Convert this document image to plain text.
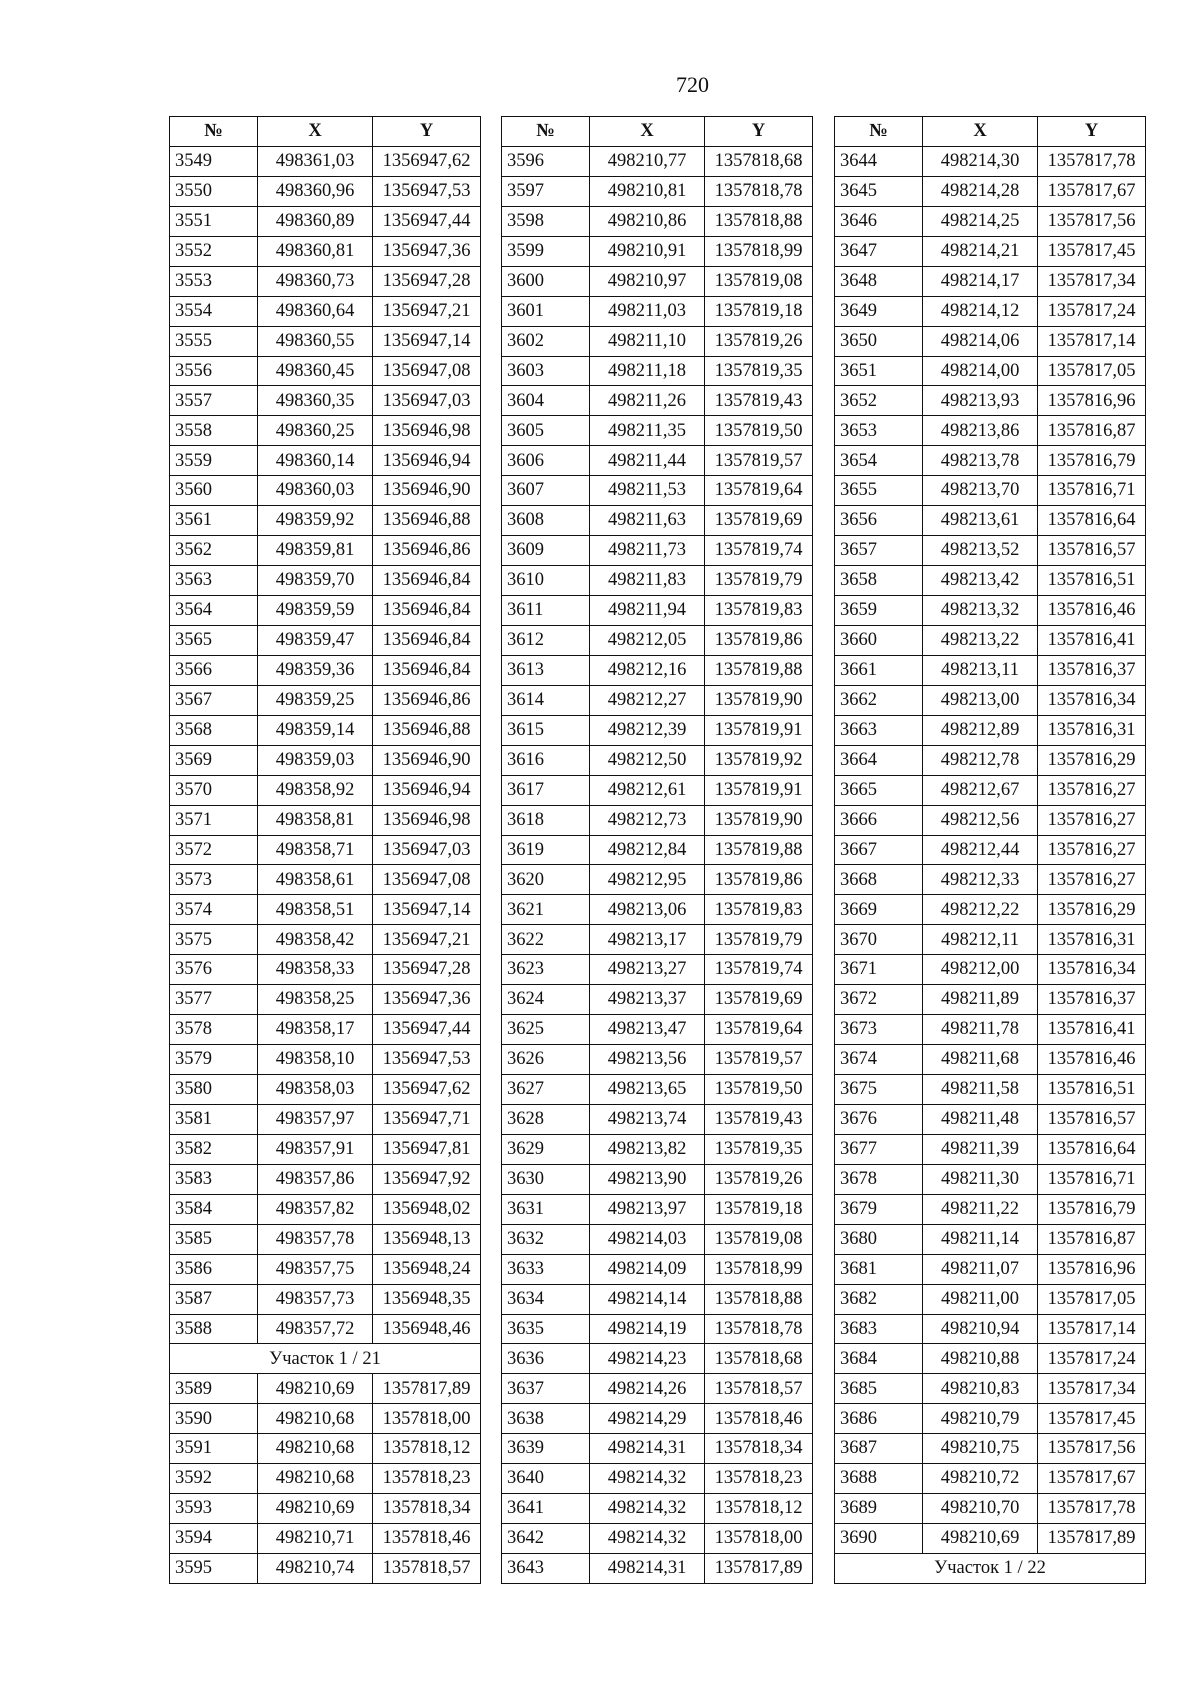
720
№	X	Y
3549	498361,03	1356947,62
3550	498360,96	1356947,53
3551	498360,89	1356947,44
3552	498360,81	1356947,36
3553	498360,73	1356947,28
3554	498360,64	1356947,21
3555	498360,55	1356947,14
3556	498360,45	1356947,08
3557	498360,35	1356947,03
3558	498360,25	1356946,98
3559	498360,14	1356946,94
3560	498360,03	1356946,90
3561	498359,92	1356946,88
3562	498359,81	1356946,86
3563	498359,70	1356946,84
3564	498359,59	1356946,84
3565	498359,47	1356946,84
3566	498359,36	1356946,84
3567	498359,25	1356946,86
3568	498359,14	1356946,88
3569	498359,03	1356946,90
3570	498358,92	1356946,94
3571	498358,81	1356946,98
3572	498358,71	1356947,03
3573	498358,61	1356947,08
3574	498358,51	1356947,14
3575	498358,42	1356947,21
3576	498358,33	1356947,28
3577	498358,25	1356947,36
3578	498358,17	1356947,44
3579	498358,10	1356947,53
3580	498358,03	1356947,62
3581	498357,97	1356947,71
3582	498357,91	1356947,81
3583	498357,86	1356947,92
3584	498357,82	1356948,02
3585	498357,78	1356948,13
3586	498357,75	1356948,24
3587	498357,73	1356948,35
3588	498357,72	1356948,46
Участок 1 / 21		
3589	498210,69	1357817,89
3590	498210,68	1357818,00
3591	498210,68	1357818,12
3592	498210,68	1357818,23
3593	498210,69	1357818,34
3594	498210,71	1357818,46
3595	498210,74	1357818,57
№	X	Y
3596	498210,77	1357818,68
3597	498210,81	1357818,78
3598	498210,86	1357818,88
3599	498210,91	1357818,99
3600	498210,97	1357819,08
3601	498211,03	1357819,18
3602	498211,10	1357819,26
3603	498211,18	1357819,35
3604	498211,26	1357819,43
3605	498211,35	1357819,50
3606	498211,44	1357819,57
3607	498211,53	1357819,64
3608	498211,63	1357819,69
3609	498211,73	1357819,74
3610	498211,83	1357819,79
3611	498211,94	1357819,83
3612	498212,05	1357819,86
3613	498212,16	1357819,88
3614	498212,27	1357819,90
3615	498212,39	1357819,91
3616	498212,50	1357819,92
3617	498212,61	1357819,91
3618	498212,73	1357819,90
3619	498212,84	1357819,88
3620	498212,95	1357819,86
3621	498213,06	1357819,83
3622	498213,17	1357819,79
3623	498213,27	1357819,74
3624	498213,37	1357819,69
3625	498213,47	1357819,64
3626	498213,56	1357819,57
3627	498213,65	1357819,50
3628	498213,74	1357819,43
3629	498213,82	1357819,35
3630	498213,90	1357819,26
3631	498213,97	1357819,18
3632	498214,03	1357819,08
3633	498214,09	1357818,99
3634	498214,14	1357818,88
3635	498214,19	1357818,78
3636	498214,23	1357818,68
3637	498214,26	1357818,57
3638	498214,29	1357818,46
3639	498214,31	1357818,34
3640	498214,32	1357818,23
3641	498214,32	1357818,12
3642	498214,32	1357818,00
3643	498214,31	1357817,89
№	X	Y
3644	498214,30	1357817,78
3645	498214,28	1357817,67
3646	498214,25	1357817,56
3647	498214,21	1357817,45
3648	498214,17	1357817,34
3649	498214,12	1357817,24
3650	498214,06	1357817,14
3651	498214,00	1357817,05
3652	498213,93	1357816,96
3653	498213,86	1357816,87
3654	498213,78	1357816,79
3655	498213,70	1357816,71
3656	498213,61	1357816,64
3657	498213,52	1357816,57
3658	498213,42	1357816,51
3659	498213,32	1357816,46
3660	498213,22	1357816,41
3661	498213,11	1357816,37
3662	498213,00	1357816,34
3663	498212,89	1357816,31
3664	498212,78	1357816,29
3665	498212,67	1357816,27
3666	498212,56	1357816,27
3667	498212,44	1357816,27
3668	498212,33	1357816,27
3669	498212,22	1357816,29
3670	498212,11	1357816,31
3671	498212,00	1357816,34
3672	498211,89	1357816,37
3673	498211,78	1357816,41
3674	498211,68	1357816,46
3675	498211,58	1357816,51
3676	498211,48	1357816,57
3677	498211,39	1357816,64
3678	498211,30	1357816,71
3679	498211,22	1357816,79
3680	498211,14	1357816,87
3681	498211,07	1357816,96
3682	498211,00	1357817,05
3683	498210,94	1357817,14
3684	498210,88	1357817,24
3685	498210,83	1357817,34
3686	498210,79	1357817,45
3687	498210,75	1357817,56
3688	498210,72	1357817,67
3689	498210,70	1357817,78
3690	498210,69	1357817,89
Участок 1 / 22		
